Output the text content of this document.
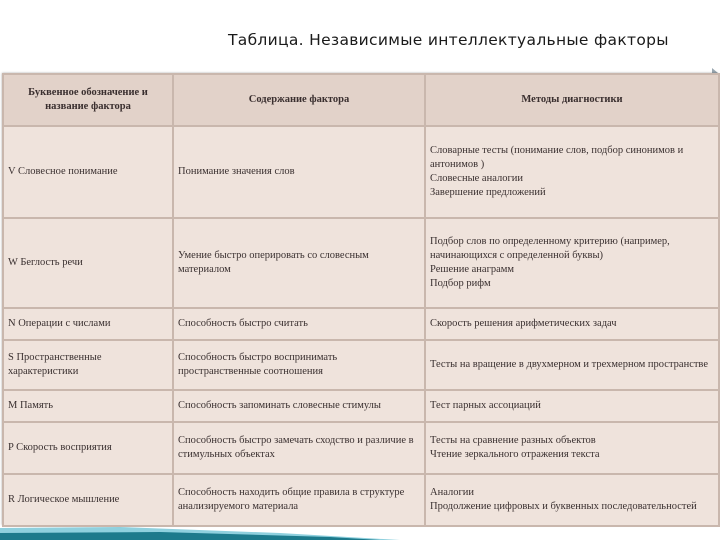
Таблица. Независимые интеллектуальные факторы
Буквенное обозначение и
название фактора	Содержание фактора	Методы диагностики

V Словесное понимание	Понимание значения слов	Словарные тесты (понимание слов, подбор синонимов и
антонимов )
Словесные аналогии
Завершение предложений

W Беглость речи	Умение быстро оперировать со словесным
материалом	Подбор слов по определенному критерию (например,
начинающихся с определенной буквы)
Решение анаграмм
Подбор рифм

N Операции с числами	Способность быстро считать	Скорость решения арифметических задач

S Пространственные
характеристики	Способность быстро воспринимать
пространственные соотношения	Тесты на вращение в двухмерном и трехмерном пространстве

M Память	Способность запоминать словесные стимулы	Тест парных ассоциаций

P Скорость восприятия	Способность быстро замечать сходство и различие в
стимульных объектах	Тесты на сравнение разных объектов
Чтение зеркального отражения текста

R Логическое мышление	Способность находить общие правила в структуре
анализируемого материала	Аналогии
Продолжение цифровых и буквенных последовательностей
